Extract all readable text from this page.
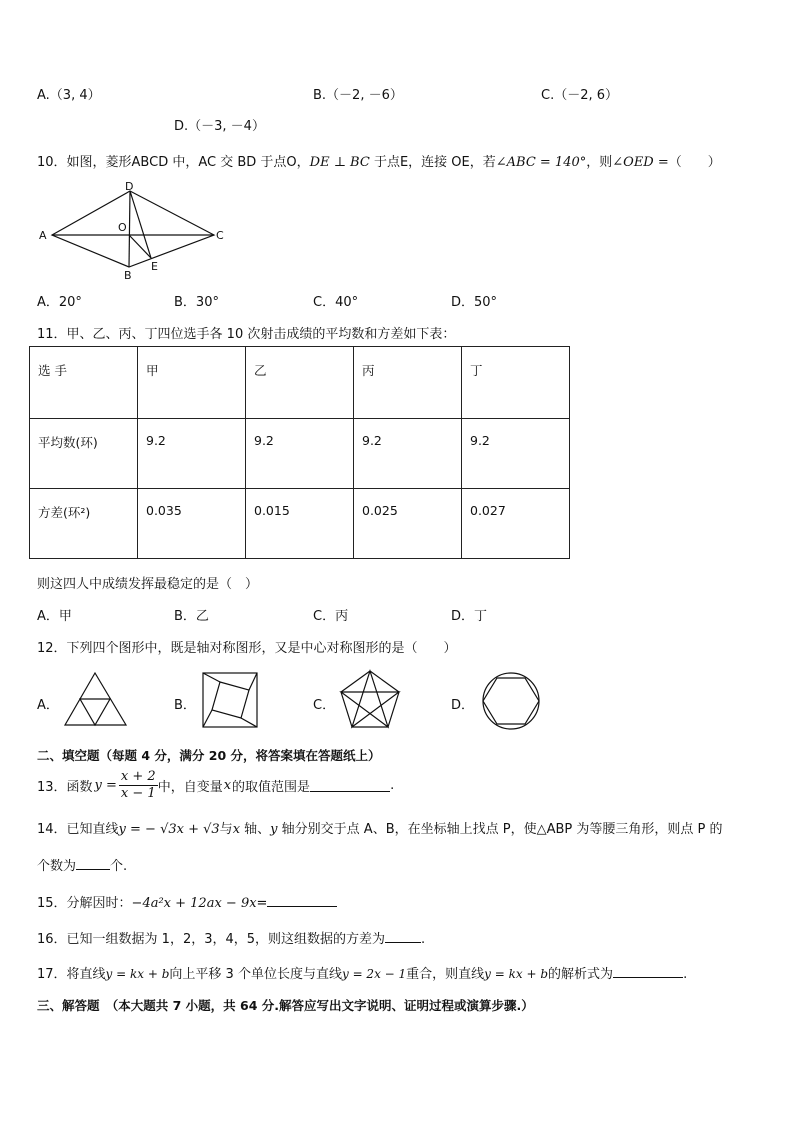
A.（3, 4）	B.（－2, －6）	C.（－2, 6）
D.（－3, －4）
10．如图，菱形ABCD 中，AC 交 BD 于点O，DE ⊥ BC 于点E，连接 OE，若∠ABC = 140°，则∠OED =（　　）
A
D
C
B
O
E
A．20°	B．30°	C．40°	D．50°
11．甲、乙、丙、丁四位选手各 10 次射击成绩的平均数和方差如下表：
选 手	甲	乙	丙	丁
平均数(环)	9.2	9.2	9.2	9.2
方差(环²)	0.035	0.015	0.025	0.027
则这四人中成绩发挥最稳定的是（　）
A．甲	B．乙	C．丙	D．丁
12．下列四个图形中，既是轴对称图形，又是中心对称图形的是（　　）
A．	B．	C．	D．
二、填空题（每题 4 分，满分 20 分，将答案填在答题纸上）
13．函数 $y = \frac{x + 2}{x - 1}$ 中，自变量 x 的取值范围是	.
14．已知直线y = − √3x + √3与x 轴、y 轴分别交于点 A、B，在坐标轴上找点 P，使△ABP 为等腰三角形，则点 P 的
个数为	个.
15．分解因时：−4a²x + 12ax − 9x=
16．已知一组数据为 1，2，3，4，5，则这组数据的方差为	.
17．将直线y = kx + b向上平移 3 个单位长度与直线y = 2x − 1重合，则直线y = kx + b的解析式为	.
三、解答题　（本大题共 7 小题，共 64 分.解答应写出文字说明、证明过程或演算步骤.）
